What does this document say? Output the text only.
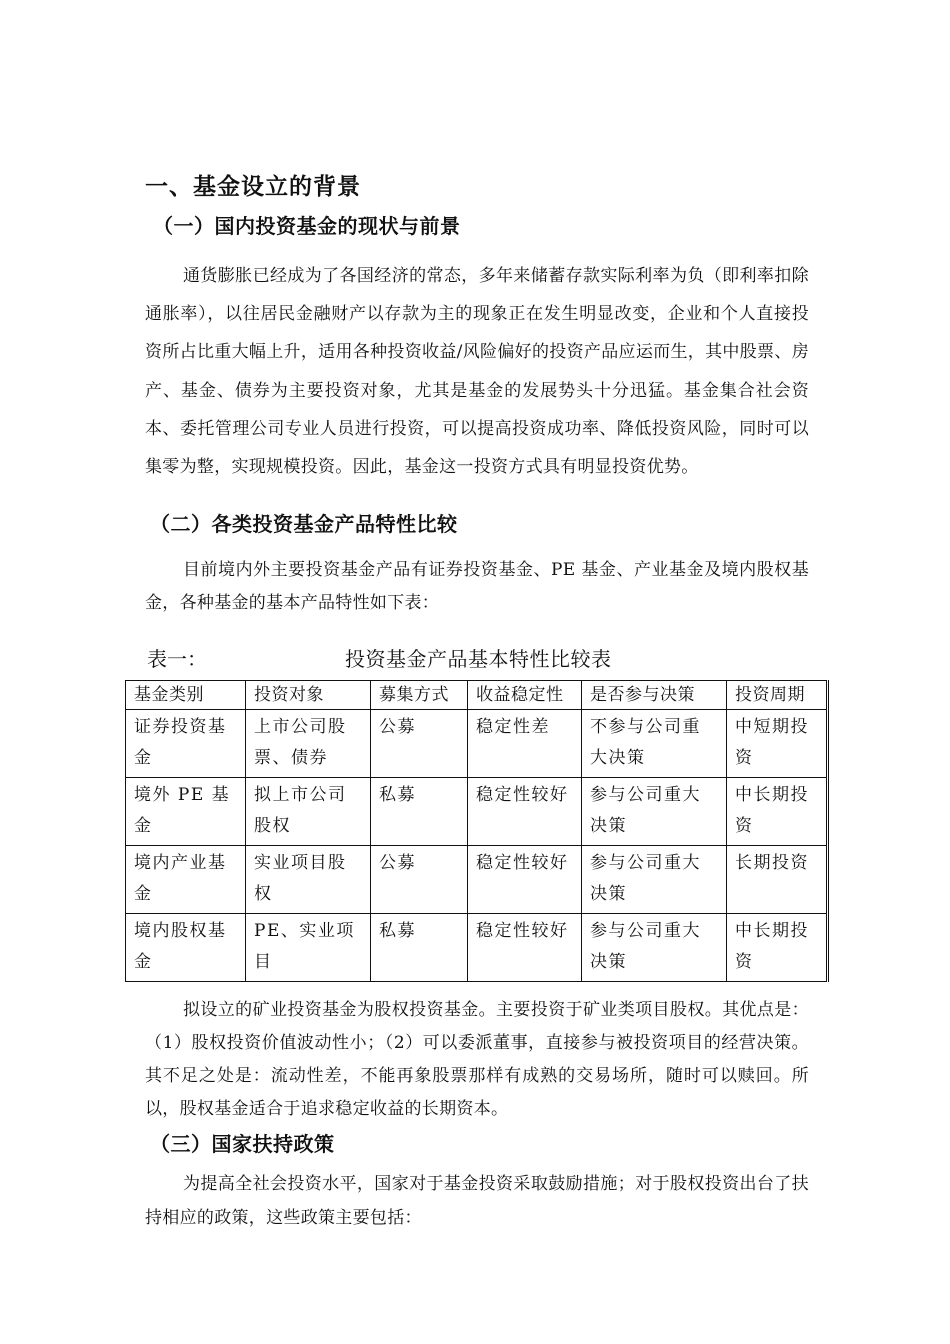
一、基金设立的背景
（一）国内投资基金的现状与前景

通货膨胀已经成为了各国经济的常态，多年来储蓄存款实际利率为负（即利率扣除通胀率），以往居民金融财产以存款为主的现象正在发生明显改变，企业和个人直接投资所占比重大幅上升，适用各种投资收益/风险偏好的投资产品应运而生，其中股票、房产、基金、债券为主要投资对象，尤其是基金的发展势头十分迅猛。基金集合社会资本、委托管理公司专业人员进行投资，可以提高投资成功率、降低投资风险，同时可以集零为整，实现规模投资。因此，基金这一投资方式具有明显投资优势。

（二）各类投资基金产品特性比较

目前境内外主要投资基金产品有证券投资基金、PE 基金、产业基金及境内股权基金，各种基金的基本产品特性如下表：

表一：	投资基金产品基本特性比较表

基金类别	投资对象	募集方式	收益稳定性	是否参与决策	投资周期
证券投资基金	上市公司股票、债券	公募	稳定性差	不参与公司重大决策	中短期投资
境外 PE 基金	拟上市公司股权	私募	稳定性较好	参与公司重大决策	中长期投资
境内产业基金	实业项目股权	公募	稳定性较好	参与公司重大决策	长期投资
境内股权基金	PE、实业项目	私募	稳定性较好	参与公司重大决策	中长期投资

拟设立的矿业投资基金为股权投资基金。主要投资于矿业类项目股权。其优点是：（1）股权投资价值波动性小；（2）可以委派董事，直接参与被投资项目的经营决策。其不足之处是：流动性差，不能再象股票那样有成熟的交易场所，随时可以赎回。所以，股权基金适合于追求稳定收益的长期资本。

（三）国家扶持政策

为提高全社会投资水平，国家对于基金投资采取鼓励措施；对于股权投资出台了扶持相应的政策，这些政策主要包括：
